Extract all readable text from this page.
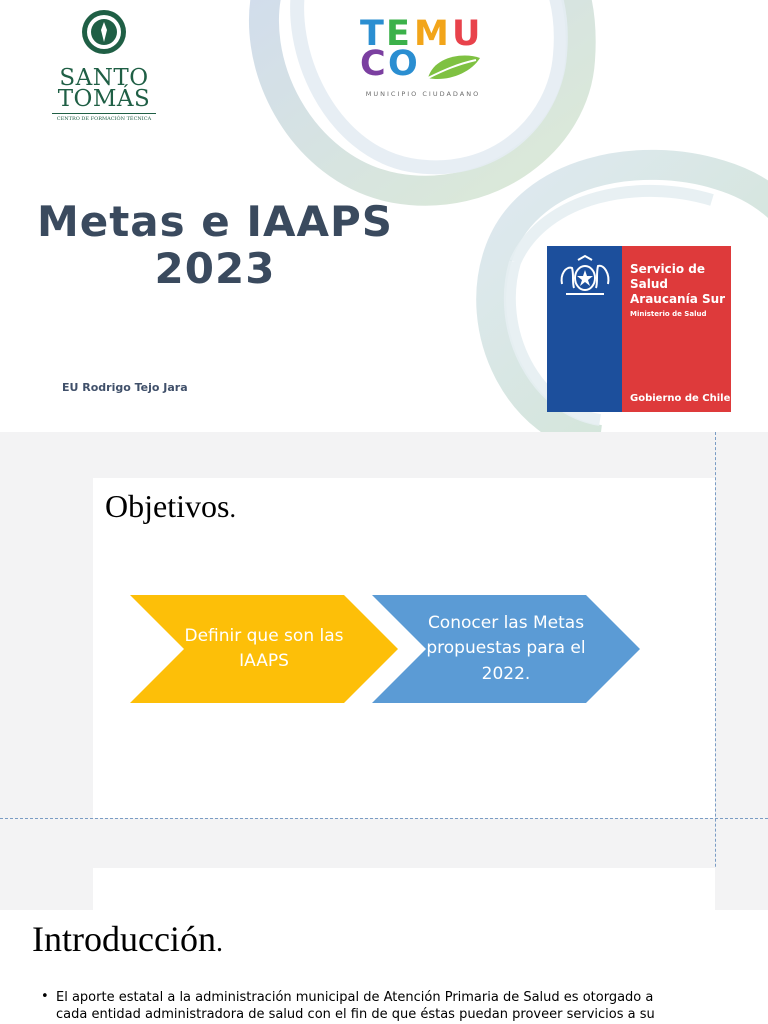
SANTO
TOMÁS
CENTRO DE FORMACIÓN TÉCNICA
T E M U
C O
MUNICIPIO CIUDADANO
Metas e IAAPS
2023
EU Rodrigo Tejo Jara
Servicio de
Salud
Araucanía Sur
Ministerio de Salud
Gobierno de Chile
Objetivos.
Definir que son las IAAPS
Conocer las Metas propuestas para el 2022.
Introducción.
• El aporte estatal a la administración municipal de Atención Primaria de Salud es otorgado a cada entidad administradora de salud con el fin de que éstas puedan proveer servicios a su
